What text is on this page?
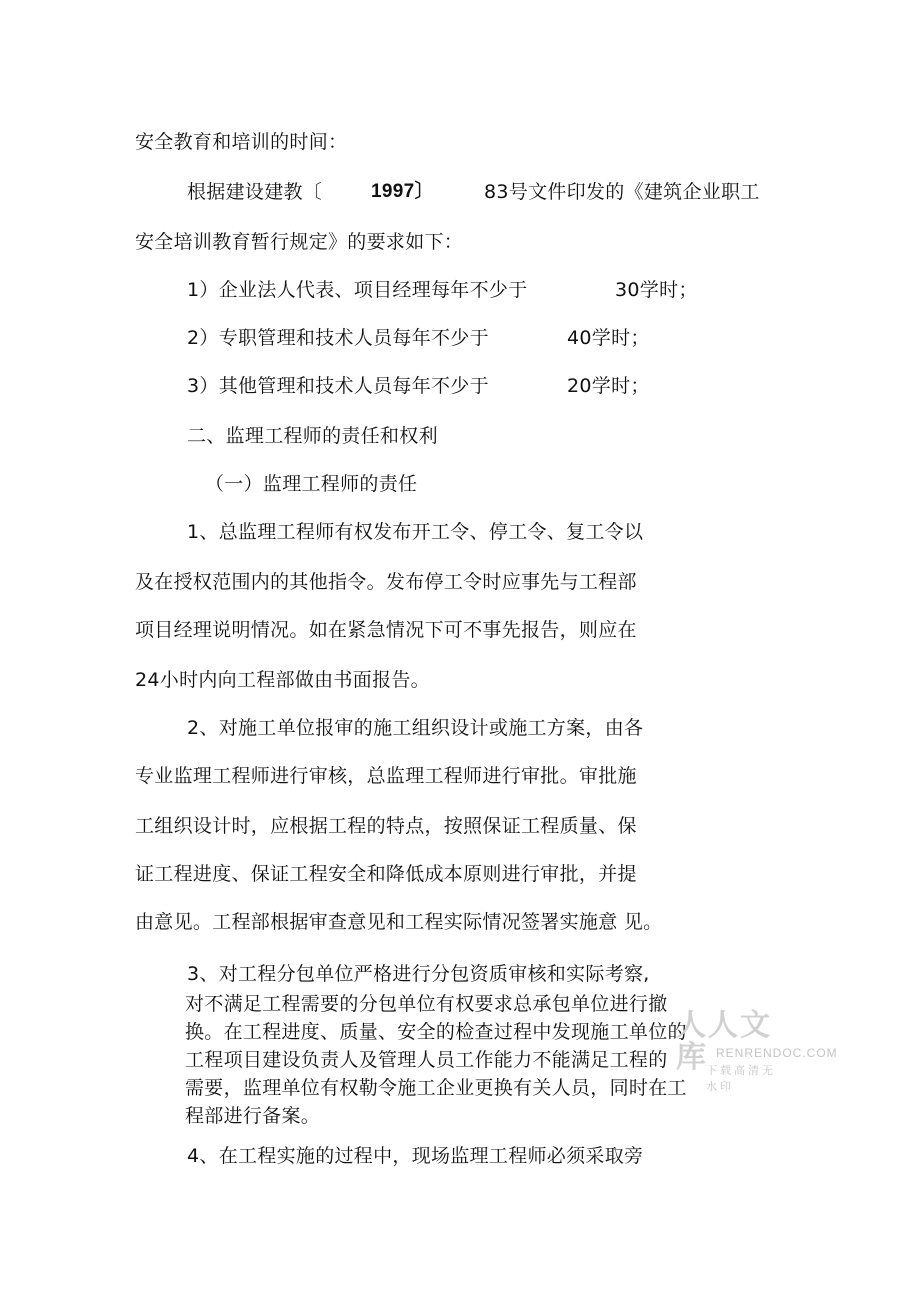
安全教育和培训的时间：
根据建设建教〔	1997〕	83号文件印发的《建筑企业职工
安全培训教育暂行规定》的要求如下：
1）企业法人代表、项目经理每年不少于	30学时；
2）专职管理和技术人员每年不少于	40学时；
3）其他管理和技术人员每年不少于	20学时；
二、监理工程师的责任和权利
（一）监理工程师的责任
1、总监理工程师有权发布开工令、停工令、复工令以
及在授权范围内的其他指令。发布停工令时应事先与工程部
项目经理说明情况。如在紧急情况下可不事先报告，则应在
24小时内向工程部做由书面报告。
2、对施工单位报审的施工组织设计或施工方案，由各
专业监理工程师进行审核，总监理工程师进行审批。审批施
工组织设计时，应根据工程的特点，按照保证工程质量、保
证工程进度、保证工程安全和降低成本原则进行审批，并提
由意见。工程部根据审查意见和工程实际情况签署实施意 见。
3、对工程分包单位严格进行分包资质审核和实际考察,
对不满足工程需要的分包单位有权要求总承包单位进行撤
换。在工程进度、质量、安全的检查过程中发现施工单位的
工程项目建设负责人及管理人员工作能力不能满足工程的
需要，监理单位有权勒令施工企业更换有关人员，同时在工
程部进行备案。
4、在工程实施的过程中，现场监理工程师必须采取旁
人人文库 RENRENDOC.COM
下载高清无水印
